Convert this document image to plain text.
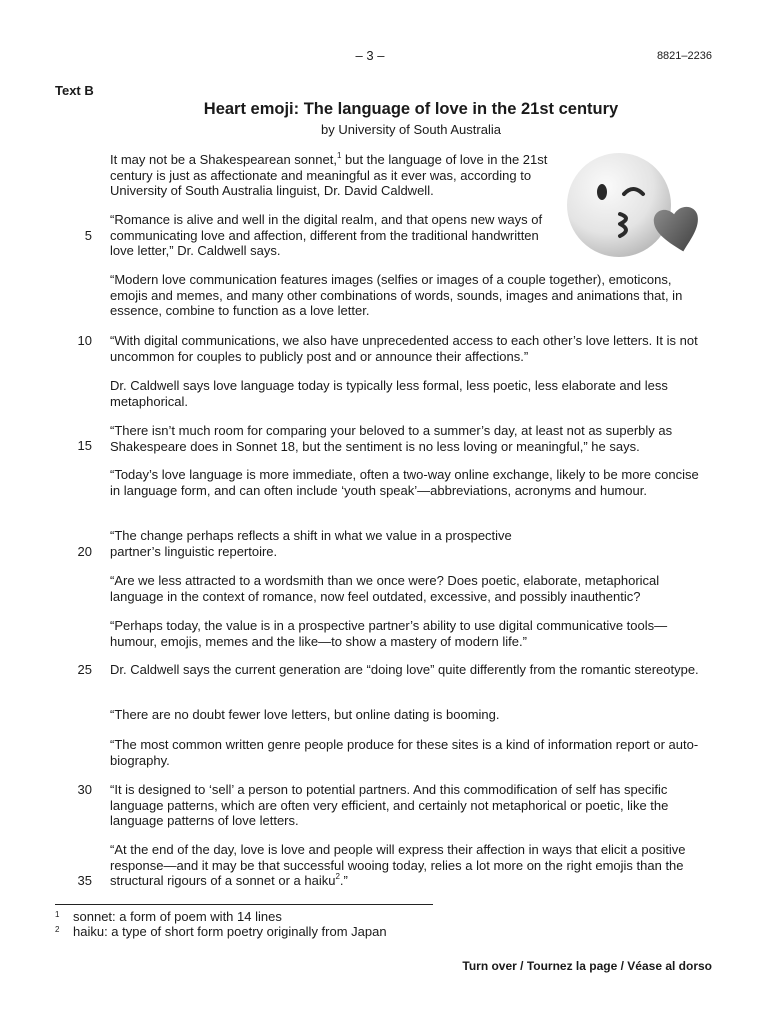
– 3 –	8821–2236
Text B
Heart emoji: The language of love in the 21st century
by University of South Australia

It may not be a Shakespearean sonnet,$^1$ but the language of love in the 21st century is just as affectionate and meaningful as it ever was, according to University of South Australia linguist, Dr. David Caldwell.

“Romance is alive and well in the digital realm, and that opens new ways of communicating love and affection, different from the traditional handwritten love letter,” Dr. Caldwell says.

“Modern love communication features images (selfies or images of a couple together), emoticons, emojis and memes, and many other combinations of words, sounds, images and animations that, in essence, combine to function as a love letter.

“With digital communications, we also have unprecedented access to each other’s love letters. It is not uncommon for couples to publicly post and or announce their affections.”

Dr. Caldwell says love language today is typically less formal, less poetic, less elaborate and less metaphorical.

“There isn’t much room for comparing your beloved to a summer’s day, at least not as superbly as Shakespeare does in Sonnet 18, but the sentiment is no less loving or meaningful,” he says.

“Today’s love language is more immediate, often a two-way online exchange, likely to be more concise in language form, and can often include ‘youth speak’—abbreviations, acronyms and humour.

“The change perhaps reflects a shift in what we value in a prospective partner’s linguistic repertoire.

“Are we less attracted to a wordsmith than we once were? Does poetic, elaborate, metaphorical language in the context of romance, now feel outdated, excessive, and possibly inauthentic?

“Perhaps today, the value is in a prospective partner’s ability to use digital communicative tools—humour, emojis, memes and the like—to show a mastery of modern life.”

Dr. Caldwell says the current generation are “doing love” quite differently from the romantic stereotype.

“There are no doubt fewer love letters, but online dating is booming.

“The most common written genre people produce for these sites is a kind of information report or auto-biography.

“It is designed to ‘sell’ a person to potential partners. And this commodification of self has specific language patterns, which are often very efficient, and certainly not metaphorical or poetic, like the language patterns of love letters.

“At the end of the day, love is love and people will express their affection in ways that elicit a positive response—and it may be that successful wooing today, relies a lot more on the right emojis than the structural rigours of a sonnet or a haiku$^2$.”

5
10
15
20
25
30
35
1 sonnet: a form of poem with 14 lines
2 haiku: a type of short form poetry originally from Japan
Turn over / Tournez la page / Véase al dorso
